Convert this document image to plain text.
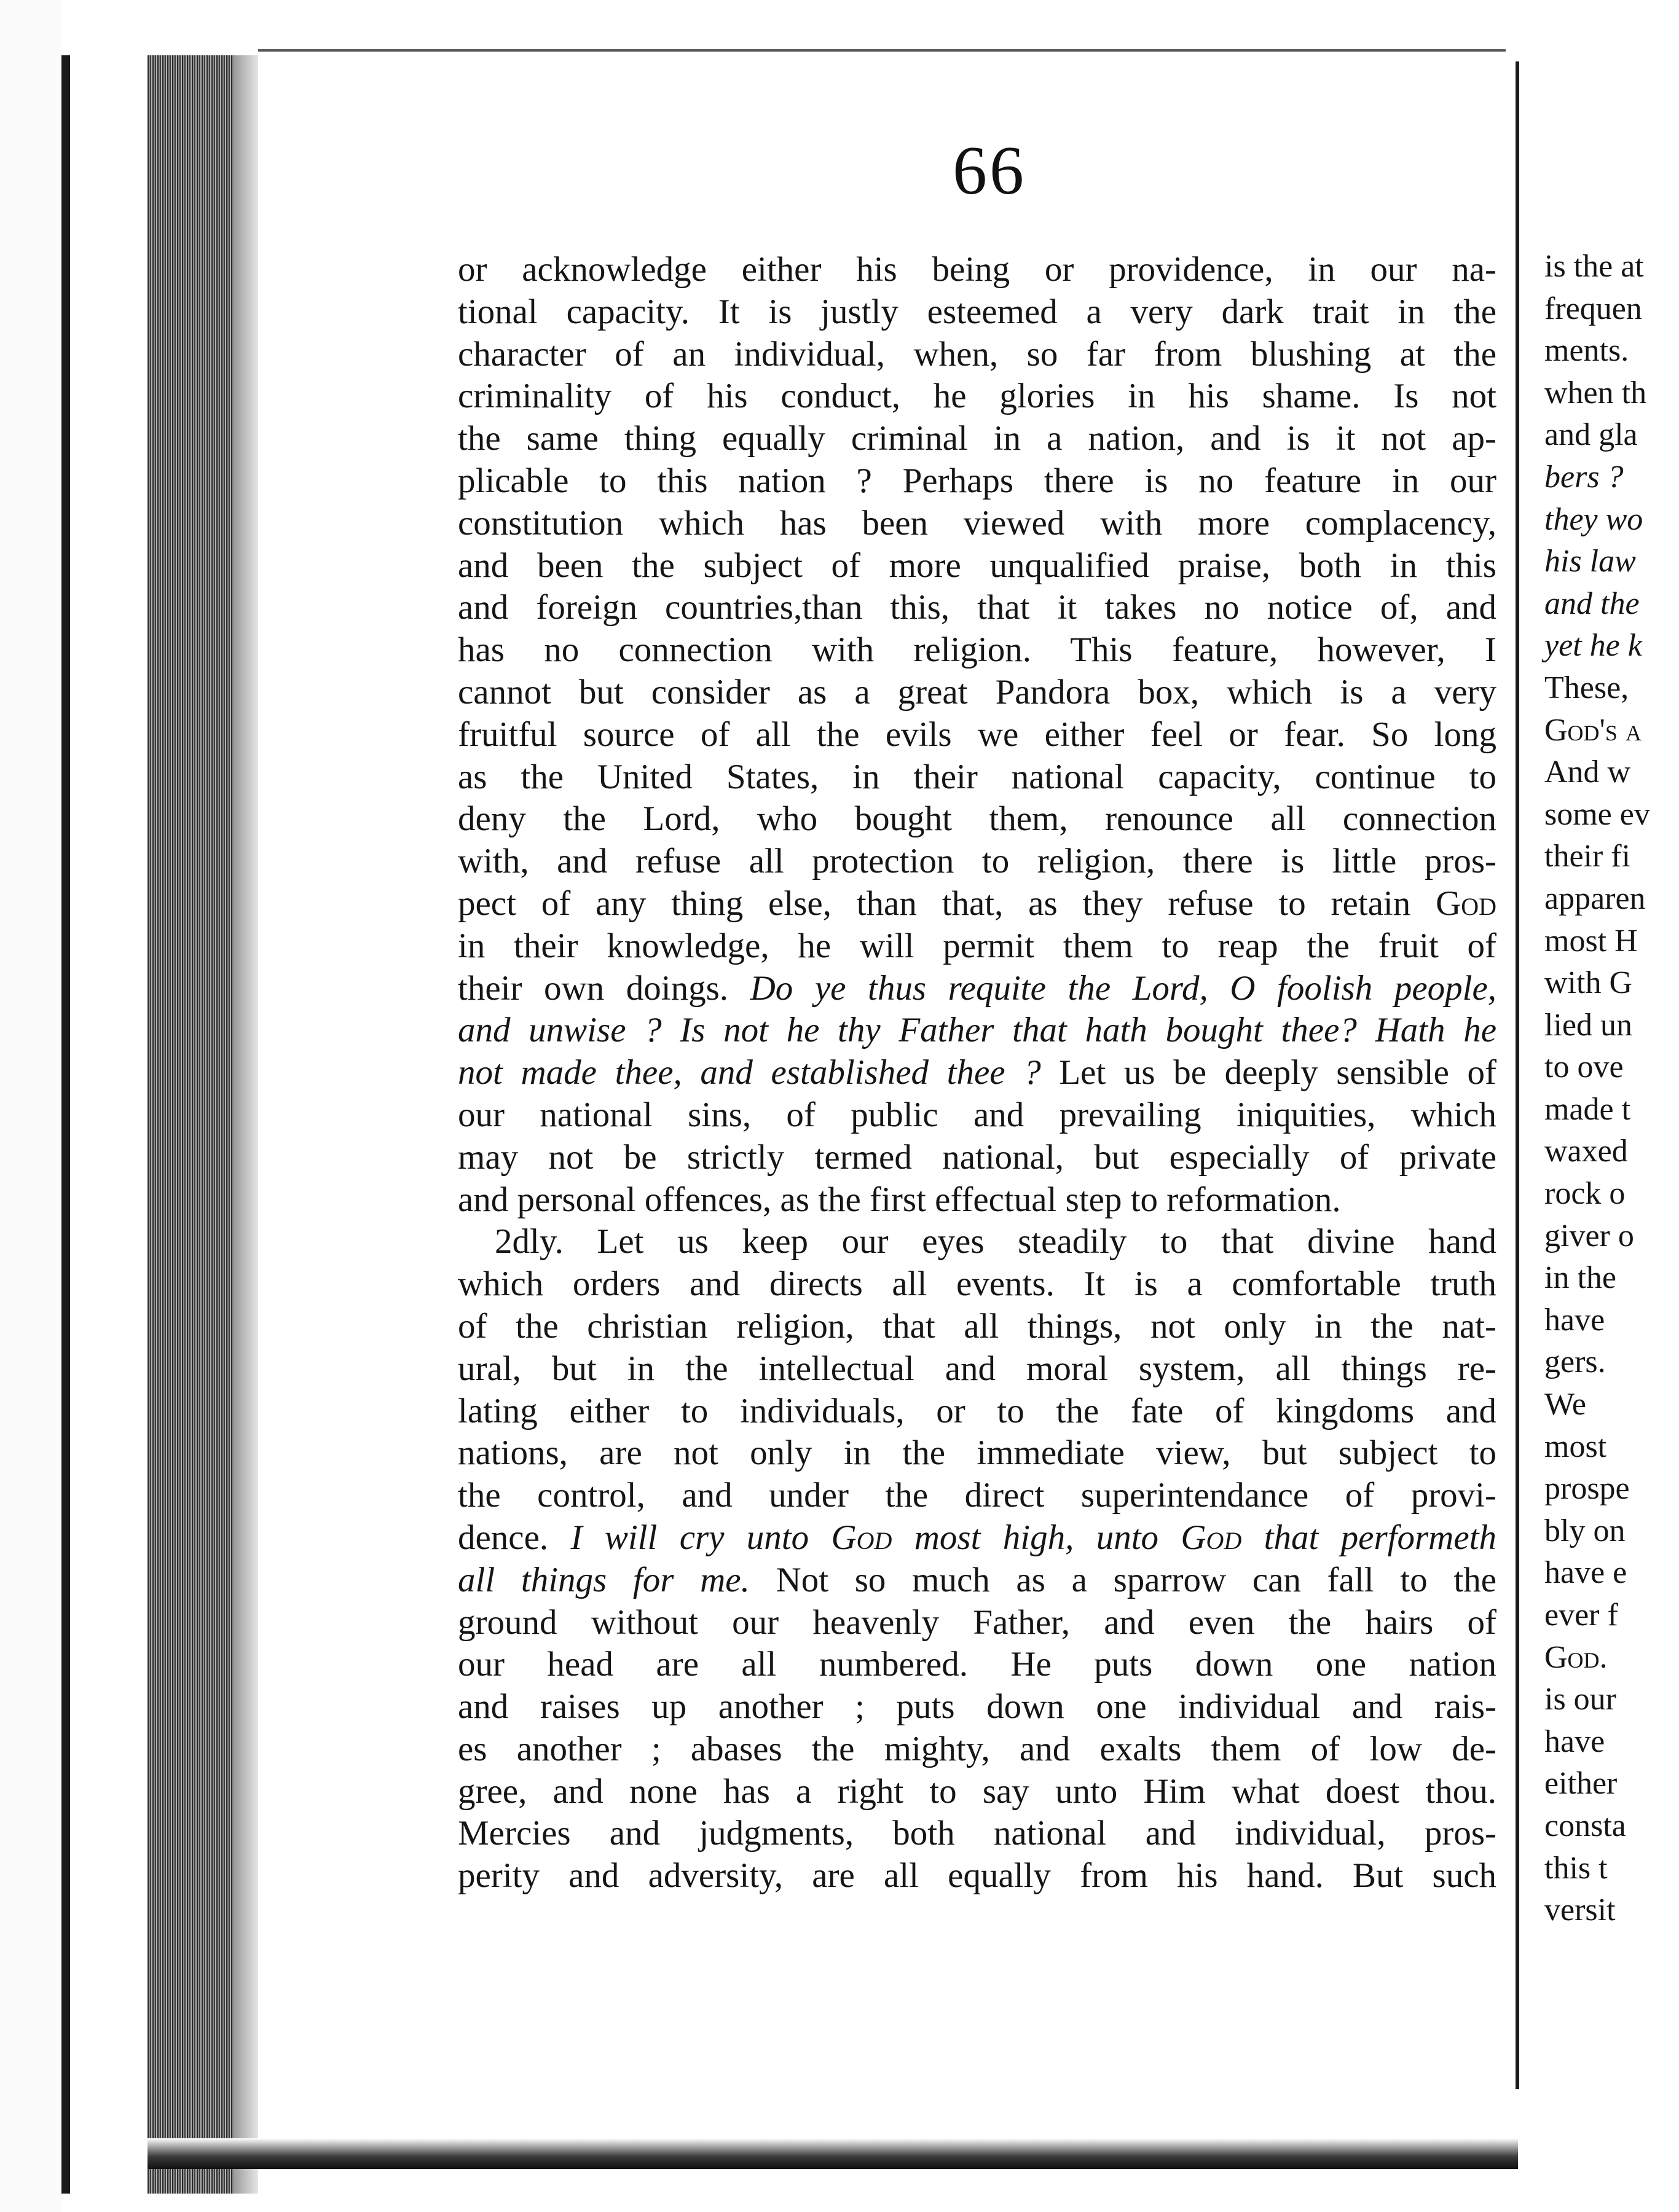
66
or acknowledge either his being or providence, in our na-
tional capacity. It is justly esteemed a very dark trait in the
character of an individual, when, so far from blushing at the
criminality of his conduct, he glories in his shame. Is not
the same thing equally criminal in a nation, and is it not ap-
plicable to this nation ? Perhaps there is no feature in our
constitution which has been viewed with more complacency,
and been the subject of more unqualified praise, both in this
and foreign countries,than this, that it takes no notice of, and
has no connection with religion. This feature, however, I
cannot but consider as a great Pandora box, which is a very
fruitful source of all the evils we either feel or fear. So long
as the United States, in their national capacity, continue to
deny the Lord, who bought them, renounce all connection
with, and refuse all protection to religion, there is little pros-
pect of any thing else, than that, as they refuse to retain God
in their knowledge, he will permit them to reap the fruit of
their own doings. Do ye thus requite the Lord, O foolish people,
and unwise ? Is not he thy Father that hath bought thee? Hath he
not made thee, and established thee ? Let us be deeply sensible of
our national sins, of public and prevailing iniquities, which
may not be strictly termed national, but especially of private
and personal offences, as the first effectual step to reformation.
2dly. Let us keep our eyes steadily to that divine hand
which orders and directs all events. It is a comfortable truth
of the christian religion, that all things, not only in the nat-
ural, but in the intellectual and moral system, all things re-
lating either to individuals, or to the fate of kingdoms and
nations, are not only in the immediate view, but subject to
the control, and under the direct superintendance of provi-
dence. I will cry unto God most high, unto God that performeth
all things for me. Not so much as a sparrow can fall to the
ground without our heavenly Father, and even the hairs of
our head are all numbered. He puts down one nation
and raises up another ; puts down one individual and rais-
es another ; abases the mighty, and exalts them of low de-
gree, and none has a right to say unto Him what doest thou.
Mercies and judgments, both national and individual, pros-
perity and adversity, are all equally from his hand. But such
is the at
frequen
ments.
when th
and gla
bers ?
they wo
his law
and the
yet he k
These,
God's a
And w
some ev
their fi
apparen
most H
with G
lied un
to ove
made t
waxed
rock o
giver o
in the
have
gers.
We
most
prospe
bly on
have e
ever f
God.
is our
have
either
consta
this t
versit
